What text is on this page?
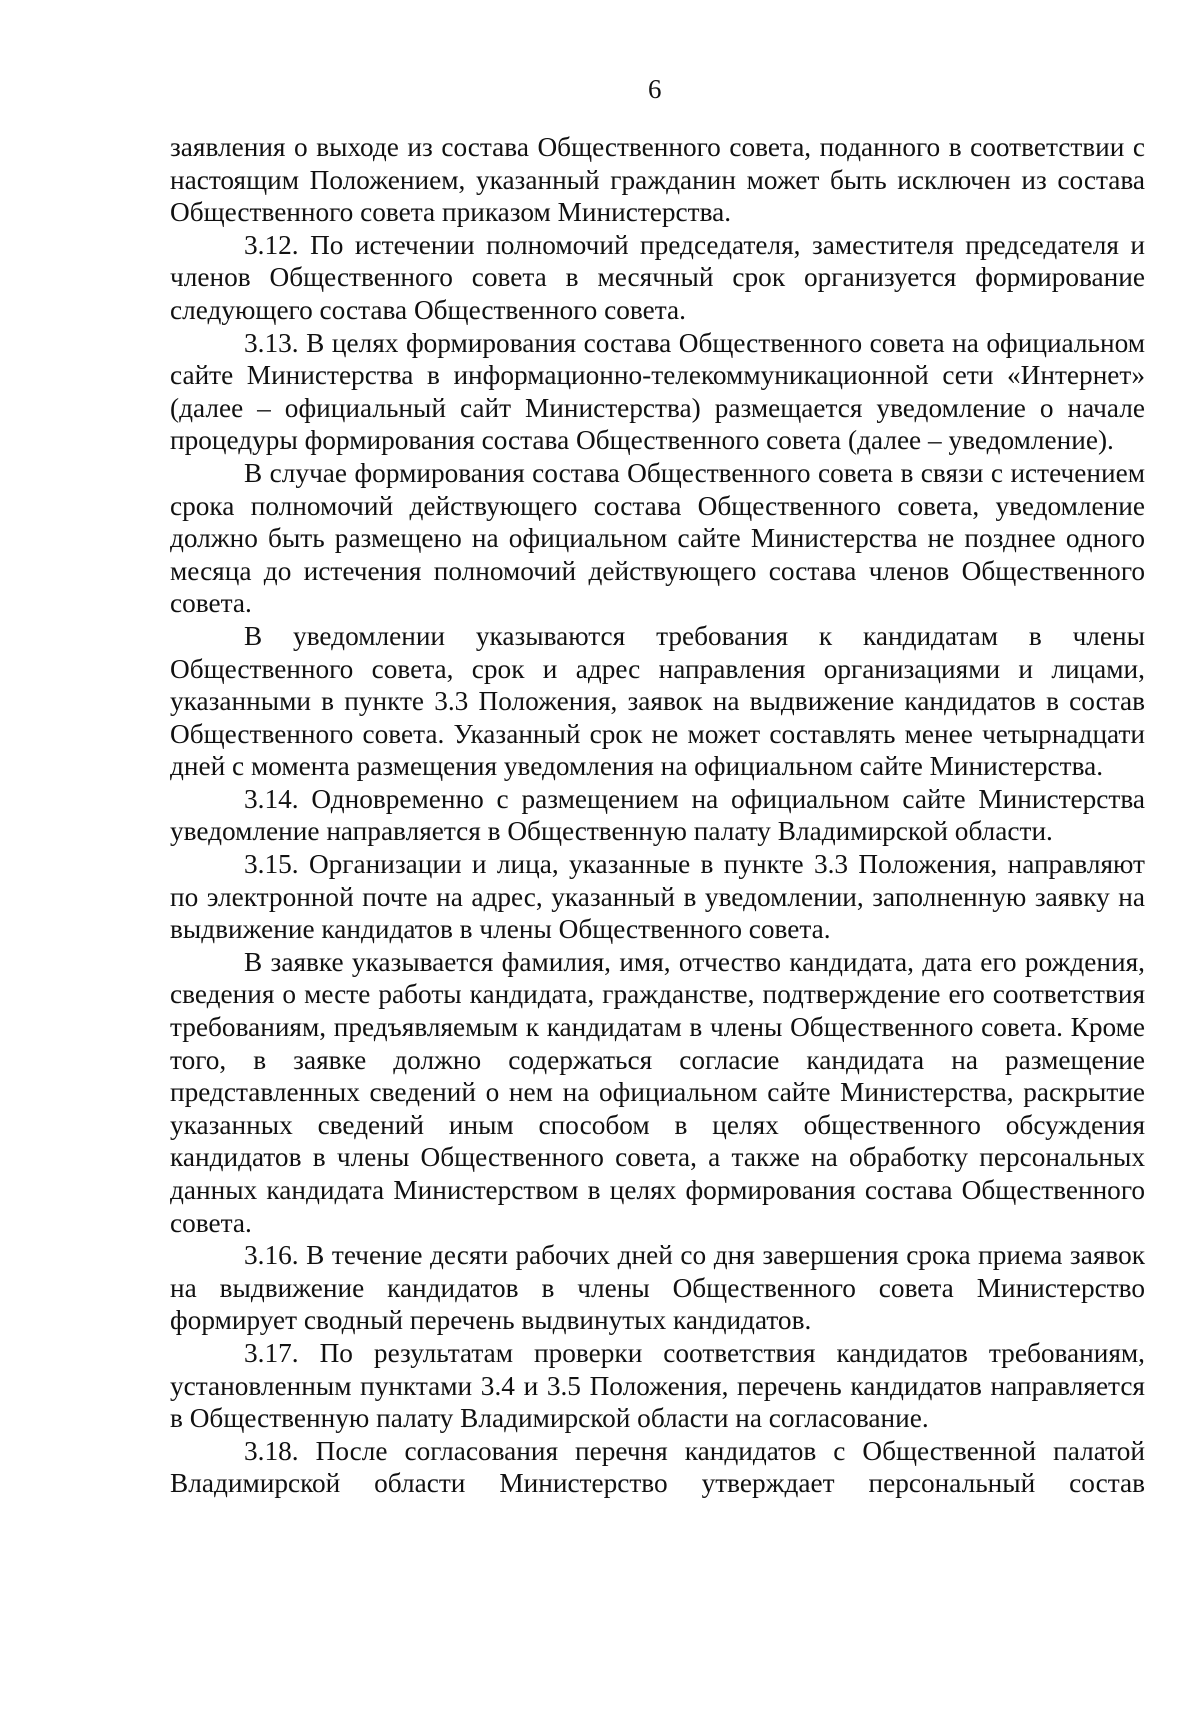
6

заявления о выходе из состава Общественного совета, поданного в соответствии с настоящим Положением, указанный гражданин может быть исключен из состава Общественного совета приказом Министерства.

3.12. По истечении полномочий председателя, заместителя председателя и членов Общественного совета в месячный срок организуется формирование следующего состава Общественного совета.

3.13. В целях формирования состава Общественного совета на официальном сайте Министерства в информационно-телекоммуникационной сети «Интернет» (далее – официальный сайт Министерства) размещается уведомление о начале процедуры формирования состава Общественного совета (далее – уведомление).

В случае формирования состава Общественного совета в связи с истечением срока полномочий действующего состава Общественного совета, уведомление должно быть размещено на официальном сайте Министерства не позднее одного месяца до истечения полномочий действующего состава членов Общественного совета.

В уведомлении указываются требования к кандидатам в члены Общественного совета, срок и адрес направления организациями и лицами, указанными в пункте 3.3 Положения, заявок на выдвижение кандидатов в состав Общественного совета. Указанный срок не может составлять менее четырнадцати дней с момента размещения уведомления на официальном сайте Министерства.

3.14. Одновременно с размещением на официальном сайте Министерства уведомление направляется в Общественную палату Владимирской области.

3.15. Организации и лица, указанные в пункте 3.3 Положения, направляют по электронной почте на адрес, указанный в уведомлении, заполненную заявку на выдвижение кандидатов в члены Общественного совета.

В заявке указывается фамилия, имя, отчество кандидата, дата его рождения, сведения о месте работы кандидата, гражданстве, подтверждение его соответствия требованиям, предъявляемым к кандидатам в члены Общественного совета. Кроме того, в заявке должно содержаться согласие кандидата на размещение представленных сведений о нем на официальном сайте Министерства, раскрытие указанных сведений иным способом в целях общественного обсуждения кандидатов в члены Общественного совета, а также на обработку персональных данных кандидата Министерством в целях формирования состава Общественного совета.

3.16. В течение десяти рабочих дней со дня завершения срока приема заявок на выдвижение кандидатов в члены Общественного совета Министерство формирует сводный перечень выдвинутых кандидатов.

3.17. По результатам проверки соответствия кандидатов требованиям, установленным пунктами 3.4 и 3.5 Положения, перечень кандидатов направляется в Общественную палату Владимирской области на согласование.

3.18. После согласования перечня кандидатов с Общественной палатой Владимирской области Министерство утверждает персональный состав
